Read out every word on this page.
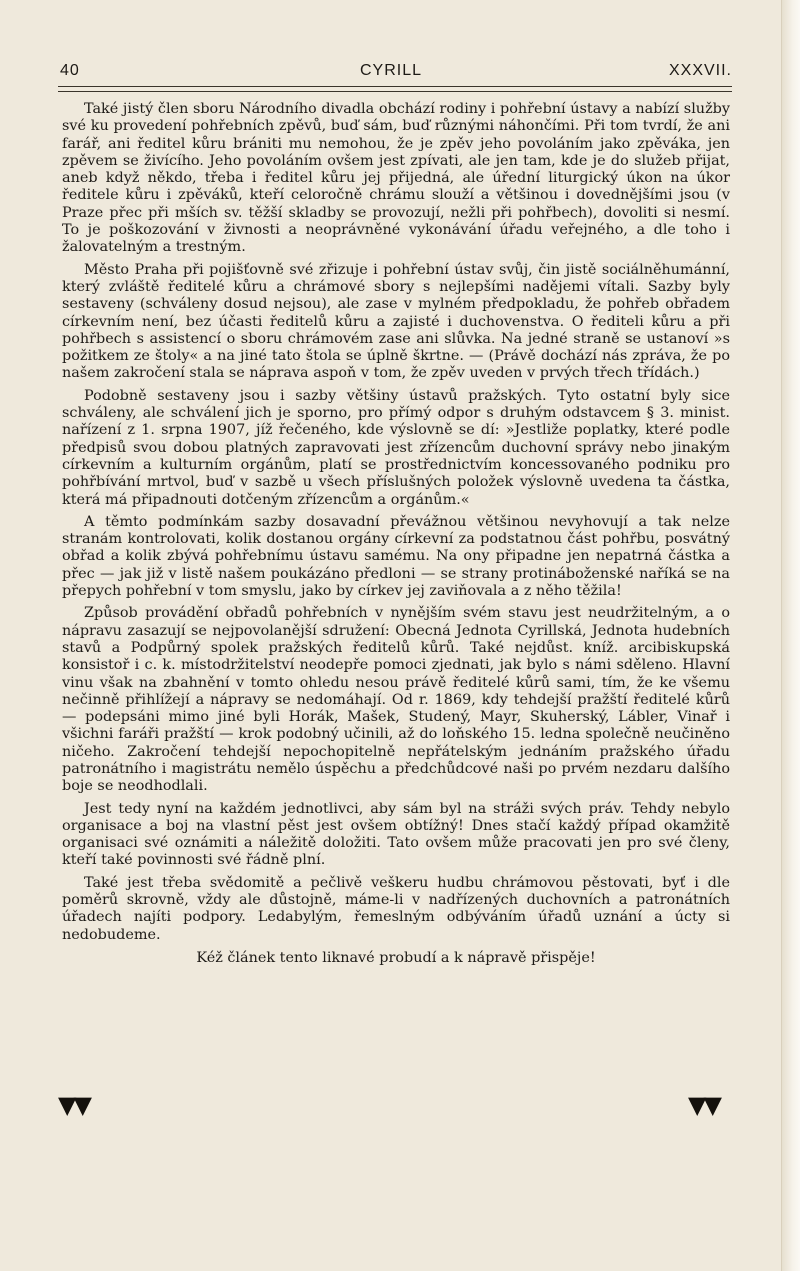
40	CYRILL	XXXVII.

Také jistý člen sboru Národního divadla obchází rodiny i pohřební ústavy a nabízí služby své ku provedení pohřebních zpěvů, buď sám, buď různými náhončími. Při tom tvrdí, že ani farář, ani ředitel kůru brániti mu nemohou, že je zpěv jeho povoláním jako zpěváka, jen zpěvem se živícího. Jeho povoláním ovšem jest zpívati, ale jen tam, kde je do služeb přijat, aneb když někdo, třeba i ředitel kůru jej přijedná, ale úřední liturgický úkon na úkor ředitele kůru i zpěváků, kteří celoročně chrámu slouží a většinou i dovednějšími jsou (v Praze přec při mších sv. těžší skladby se provozují, nežli při pohřbech), dovoliti si nesmí. To je poškozování v živnosti a neoprávněné vykonávání úřadu veřejného, a dle toho i žalovatelným a trestným.

Město Praha při pojišťovně své zřizuje i pohřební ústav svůj, čin jistě sociálněhumánní, který zvláště ředitelé kůru a chrámové sbory s nejlepšími nadějemi vítali. Sazby byly sestaveny (schváleny dosud nejsou), ale zase v mylném předpokladu, že pohřeb obřadem církevním není, bez účasti ředitelů kůru a zajisté i duchovenstva. O řediteli kůru a při pohřbech s assistencí o sboru chrámovém zase ani slůvka. Na jedné straně se ustanoví »s požitkem ze štoly« a na jiné tato štola se úplně škrtne. — (Právě dochází nás zpráva, že po našem zakročení stala se náprava aspoň v tom, že zpěv uveden v prvých třech třídách.)

Podobně sestaveny jsou i sazby většiny ústavů pražských. Tyto ostatní byly sice schváleny, ale schválení jich je sporno, pro přímý odpor s druhým odstavcem § 3. minist. nařízení z 1. srpna 1907, jíž řečeného, kde výslovně se dí: »Jestliže poplatky, které podle předpisů svou dobou platných zapravovati jest zřízencům duchovní správy nebo jinakým církevním a kulturním orgánům, platí se prostřednictvím koncessovaného podniku pro pohřbívání mrtvol, buď v sazbě u všech příslušných položek výslovně uvedena ta částka, která má připadnouti dotčeným zřízencům a orgánům.«

A těmto podmínkám sazby dosavadní převážnou většinou nevyhovují a tak nelze stranám kontrolovati, kolik dostanou orgány církevní za podstatnou část pohřbu, posvátný obřad a kolik zbývá pohřebnímu ústavu samému. Na ony připadne jen nepatrná částka a přec — jak již v listě našem poukázáno předloni — se strany protináboženské naříká se na přepych pohřební v tom smyslu, jako by církev jej zaviňovala a z něho těžila!

Způsob provádění obřadů pohřebních v nynějším svém stavu jest neudržitelným, a o nápravu zasazují se nejpovolanější sdružení: Obecná Jednota Cyrillská, Jednota hudebních stavů a Podpůrný spolek pražských ředitelů kůrů. Také nejdůst. kníž. arcibiskupská konsistoř i c. k. místodržitelství neodepře pomoci zjednati, jak bylo s námi sděleno. Hlavní vinu však na zbahnění v tomto ohledu nesou právě ředitelé kůrů sami, tím, že ke všemu nečinně přihlížejí a nápravy se nedomáhají. Od r. 1869, kdy tehdejší pražští ředitelé kůrů — podepsáni mimo jiné byli Horák, Mašek, Studený, Mayr, Skuherský, Lábler, Vinař i všichni faráři pražští — krok podobný učinili, až do loňského 15. ledna společně neučiněno ničeho. Zakročení tehdejší nepochopitelně nepřátelským jednáním pražského úřadu patronátního i magistrátu nemělo úspěchu a předchůdcové naši po prvém nezdaru dalšího boje se neodhodlali.

Jest tedy nyní na každém jednotlivci, aby sám byl na stráži svých práv. Tehdy nebylo organisace a boj na vlastní pěst jest ovšem obtížný! Dnes stačí každý případ okamžitě organisaci své oznámiti a náležitě doložiti. Tato ovšem může pracovati jen pro své členy, kteří také povinnosti své řádně plní.

Také jest třeba svědomitě a pečlivě veškeru hudbu chrámovou pěstovati, byť i dle poměrů skrovně, vždy ale důstojně, máme-li v nadřízených duchovních a patronátních úřadech najíti podpory. Ledabylým, řemeslným odbýváním úřadů uznání a úcty si nedobudeme.

Kéž článek tento liknavé probudí a k nápravě přispěje!

▼▼	▼▼
